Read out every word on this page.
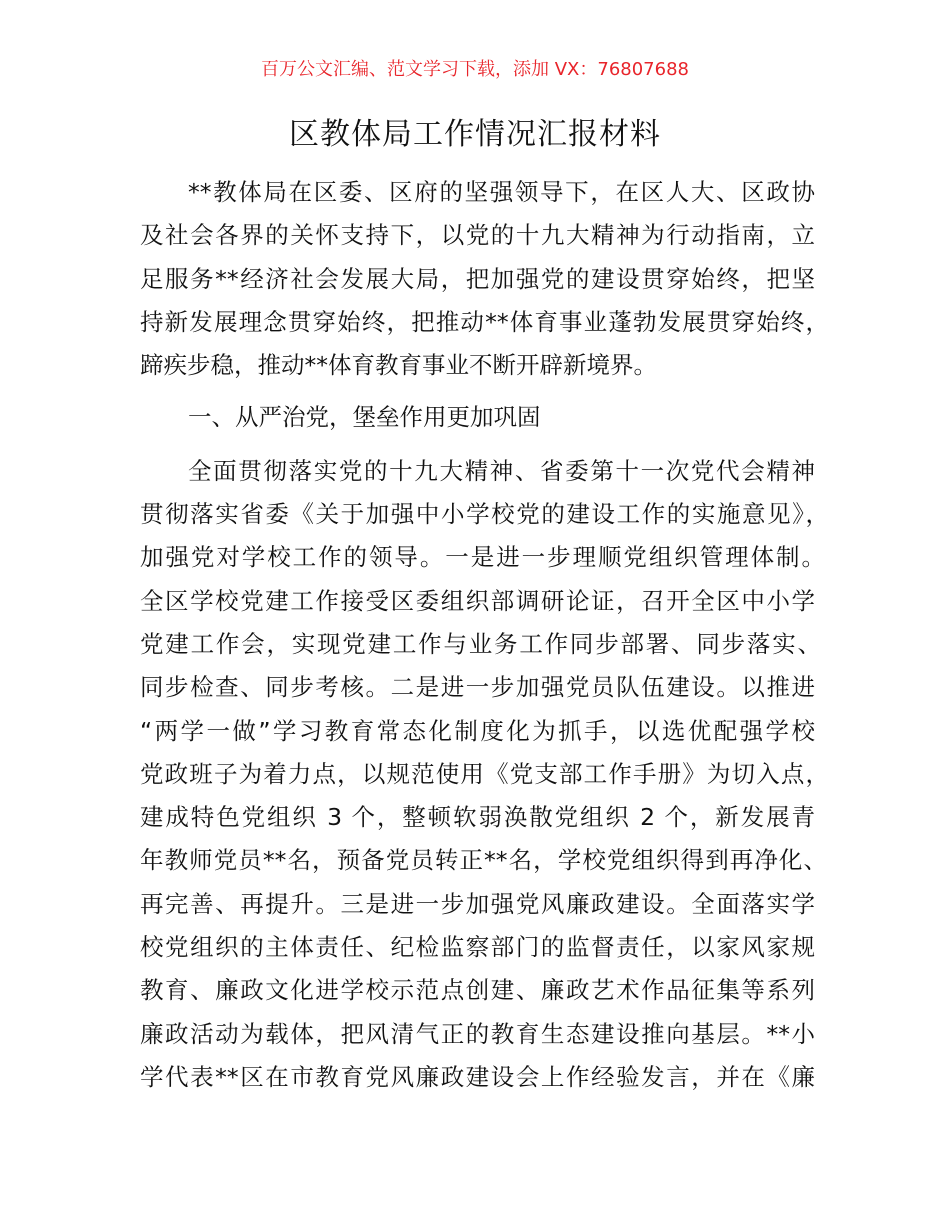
百万公文汇编、范文学习下载，添加 VX：76807688
区教体局工作情况汇报材料
**教体局在区委、区府的坚强领导下，在区人大、区政协
及社会各界的关怀支持下，以党的十九大精神为行动指南，立
足服务**经济社会发展大局，把加强党的建设贯穿始终，把坚
持新发展理念贯穿始终，把推动**体育事业蓬勃发展贯穿始终，
蹄疾步稳，推动**体育教育事业不断开辟新境界。
一、从严治党，堡垒作用更加巩固
全面贯彻落实党的十九大精神、省委第十一次党代会精神
贯彻落实省委《关于加强中小学校党的建设工作的实施意见》，
加强党对学校工作的领导。一是进一步理顺党组织管理体制。
全区学校党建工作接受区委组织部调研论证，召开全区中小学
党建工作会，实现党建工作与业务工作同步部署、同步落实、
同步检查、同步考核。二是进一步加强党员队伍建设。以推进
“两学一做”学习教育常态化制度化为抓手，以选优配强学校
党政班子为着力点，以规范使用《党支部工作手册》为切入点，
建成特色党组织 3 个，整顿软弱涣散党组织 2 个，新发展青
年教师党员**名，预备党员转正**名，学校党组织得到再净化、
再完善、再提升。三是进一步加强党风廉政建设。全面落实学
校党组织的主体责任、纪检监察部门的监督责任，以家风家规
教育、廉政文化进学校示范点创建、廉政艺术作品征集等系列
廉政活动为载体，把风清气正的教育生态建设推向基层。**小
学代表**区在市教育党风廉政建设会上作经验发言，并在《廉
